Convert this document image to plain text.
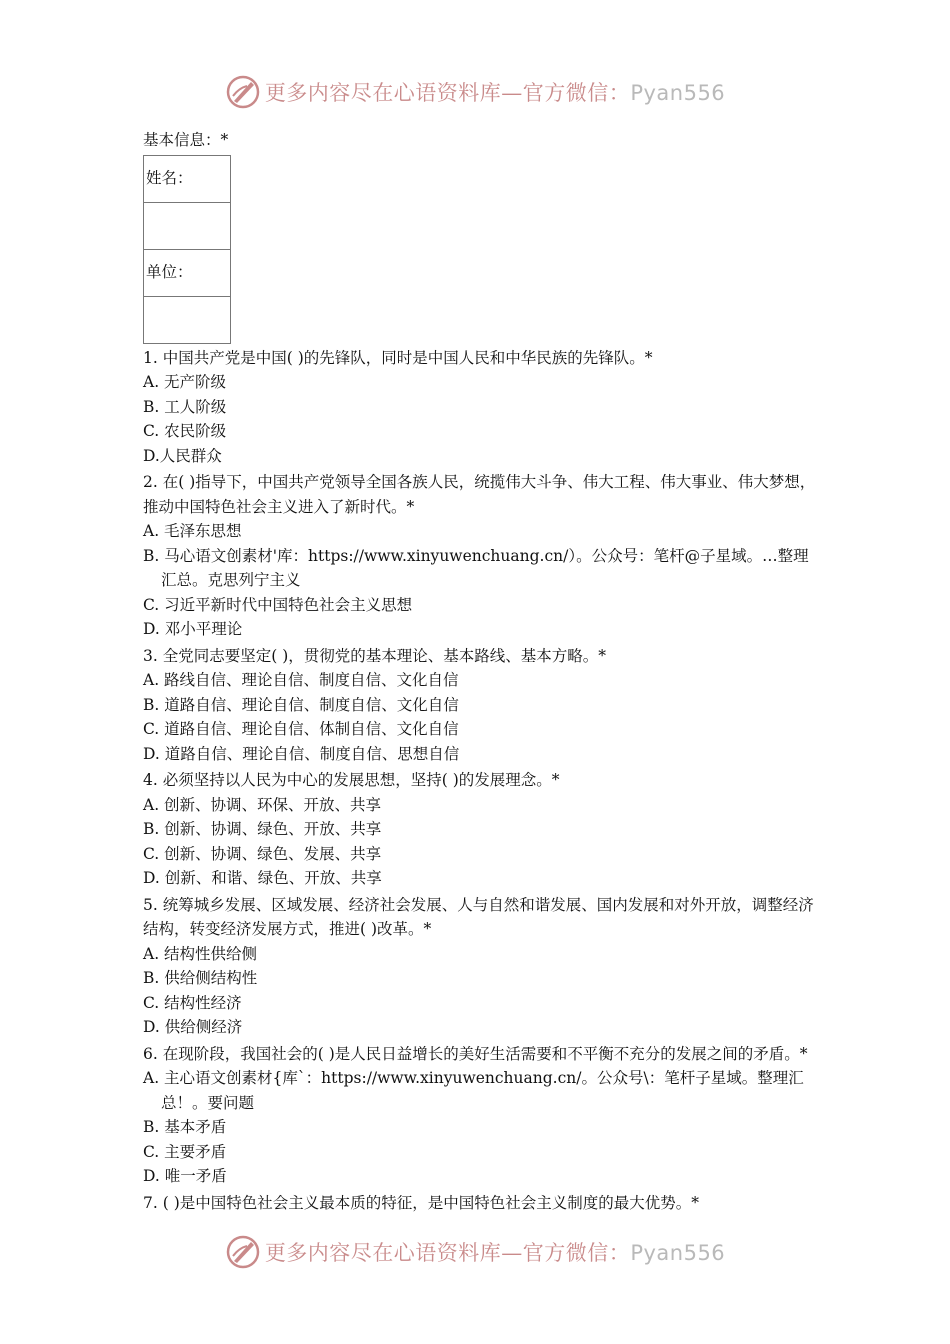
更多内容尽在心语资料库—官方微信：Pyan556
基本信息：*
姓名：

单位：

1. 中国共产党是中国( )的先锋队，同时是中国人民和中华民族的先锋队。*
A. 无产阶级
B. 工人阶级
C. 农民阶级
D.人民群众
2. 在( )指导下，中国共产党领导全国各族人民，统揽伟大斗争、伟大工程、伟大事业、伟大梦想，推动中国特色社会主义进入了新时代。*
A. 毛泽东思想
B. 马心语文创素材'库：https://www.xinyuwenchuang.cn/）。公众号：笔杆@子星域。…整理汇总。克思列宁主义
C. 习近平新时代中国特色社会主义思想
D. 邓小平理论
3. 全党同志要坚定( )，贯彻党的基本理论、基本路线、基本方略。*
A. 路线自信、理论自信、制度自信、文化自信
B. 道路自信、理论自信、制度自信、文化自信
C. 道路自信、理论自信、体制自信、文化自信
D. 道路自信、理论自信、制度自信、思想自信
4. 必须坚持以人民为中心的发展思想，坚持( )的发展理念。*
A. 创新、协调、环保、开放、共享
B. 创新、协调、绿色、开放、共享
C. 创新、协调、绿色、发展、共享
D. 创新、和谐、绿色、开放、共享
5. 统筹城乡发展、区域发展、经济社会发展、人与自然和谐发展、国内发展和对外开放，调整经济结构，转变经济发展方式，推进( )改革。*
A. 结构性供给侧
B. 供给侧结构性
C. 结构性经济
D. 供给侧经济
6. 在现阶段，我国社会的( )是人民日益增长的美好生活需要和不平衡不充分的发展之间的矛盾。*
A. 主心语文创素材{库`：https://www.xinyuwenchuang.cn/。公众号\：笔杆子星域。整理汇总！。要问题
B. 基本矛盾
C. 主要矛盾
D. 唯一矛盾
7. ( )是中国特色社会主义最本质的特征，是中国特色社会主义制度的最大优势。*
更多内容尽在心语资料库—官方微信：Pyan556
